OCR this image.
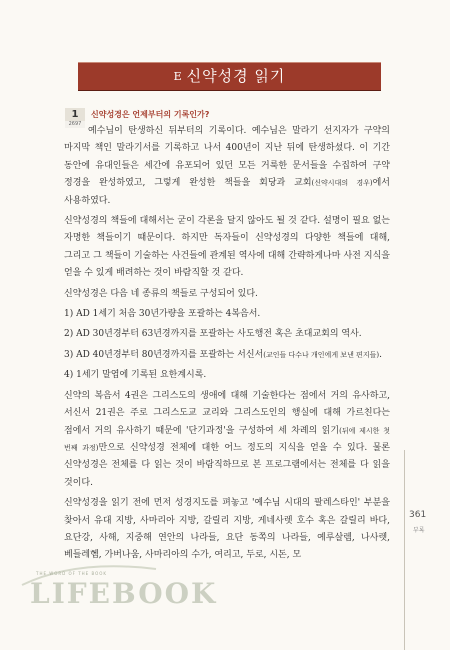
E 신약성경 읽기
1
2697
신약성경은 언제부터의 기록인가?

예수님이 탄생하신 뒤부터의 기록이다. 예수님은 말라기 선지자가 구약의 마지막 책인 말라기서를 기록하고 나서 400년이 지난 뒤에 탄생하셨다. 이 기간 동안에 유대인들은 세간에 유포되어 있던 모든 거룩한 문서들을 수집하여 구약 정경을 완성하였고, 그렇게 완성한 책들을 회당과 교회(신약시대의 경우)에서 사용하였다.

신약성경의 책들에 대해서는 굳이 각론을 달지 않아도 될 것 같다. 설명이 필요 없는 자명한 책들이기 때문이다. 하지만 독자들이 신약성경의 다양한 책들에 대해, 그리고 그 책들이 기술하는 사건들에 관계된 역사에 대해 간략하게나마 사전 지식을 얻을 수 있게 배려하는 것이 바람직할 것 같다.

신약성경은 다음 네 종류의 책들로 구성되어 있다.

1) AD 1세기 처음 30년가량을 포괄하는 4복음서.

2) AD 30년경부터 63년경까지를 포괄하는 사도행전 혹은 초대교회의 역사.

3) AD 40년경부터 80년경까지를 포괄하는 서신서(교인들 다수나 개인에게 보낸 편지들).

4) 1세기 말엽에 기록된 요한계시록.

신약의 복음서 4권은 그리스도의 생애에 대해 기술한다는 점에서 거의 유사하고, 서신서 21권은 주로 그리스도교 교리와 그리스도인의 행실에 대해 가르친다는 점에서 거의 유사하기 때문에 '단기과정'을 구성하여 세 차례의 읽기(뒤에 제시한 첫 번째 과정)만으로 신약성경 전체에 대한 어느 정도의 지식을 얻을 수 있다. 물론 신약성경은 전체를 다 읽는 것이 바람직하므로 본 프로그램에서는 전체를 다 읽을 것이다.

신약성경을 읽기 전에 먼저 성경지도를 펴놓고 '예수님 시대의 팔레스타인' 부분을 찾아서 유대 지방, 사마리아 지방, 갈릴리 지방, 게네사렛 호수 혹은 갈릴리 바다, 요단강, 사해, 지중해 연안의 나라들, 요단 동쪽의 나라들, 예루살렘, 나사렛, 베들레헴, 가버나움, 사마리아의 수가, 여리고, 두로, 시돈, 모

361
부록
THE WORD OF THE BOOK
LIFEBOOK
